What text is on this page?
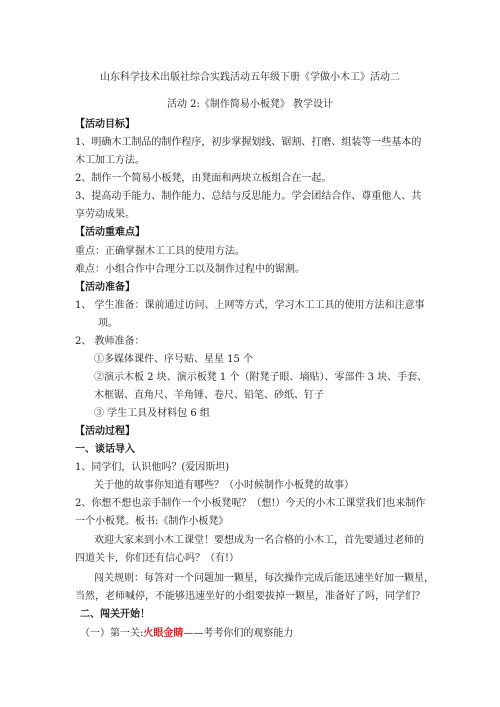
山东科学技术出版社综合实践活动五年级下册《学做小木工》活动二
活动 2:《制作简易小板凳》 教学设计
【活动目标】
1、明确木工制品的制作程序，初步掌握划线、锯割、打磨、组装等一些基本的
木工加工方法。
2、制作一个简易小板凳，由凳面和两块立板组合在一起。
3、提高动手能力、制作能力、总结与反思能力。学会团结合作、尊重他人、共
享劳动成果。
【活动重难点】
重点：正确掌握木工工具的使用方法。
难点：小组合作中合理分工以及制作过程中的锯割。
【活动准备】
1、 学生准备：课前通过访问、上网等方式，学习木工工具的使用方法和注意事
项。
2、 教师准备：
①多媒体课件、序号贴、星星 15 个
②演示木板 2 块、演示板凳 1 个（附凳子眼、墒贴）、零部件 3 块、手套、
木框锯、直角尺、羊角锤、卷尺、铅笔、砂纸、钉子
③ 学生工具及材料包 6 组
【活动过程】
一、谈话导入
1、同学们，认识他吗？(爱因斯坦)
关于他的故事你知道有哪些？（小时候制作小板凳的故事）
2、你想不想也亲手制作一个小板凳呢？（想!）今天的小木工课堂我们也来制作
一个小板凳。板书:《制作小板凳》
欢迎大家来到小木工课堂！要想成为一名合格的小木工，首先要通过老师的
四道关卡，你们还有信心吗？（有!）
闯关规则：每答对一个问题加一颗星，每次操作完成后能迅速坐好加一颗星，
当然，老师喊停，不能够迅速坐好的小组要拔掉一颗星，准备好了吗，同学们？
二、闯关开始！
（一）第一关:火眼金睛——考考你们的观察能力
